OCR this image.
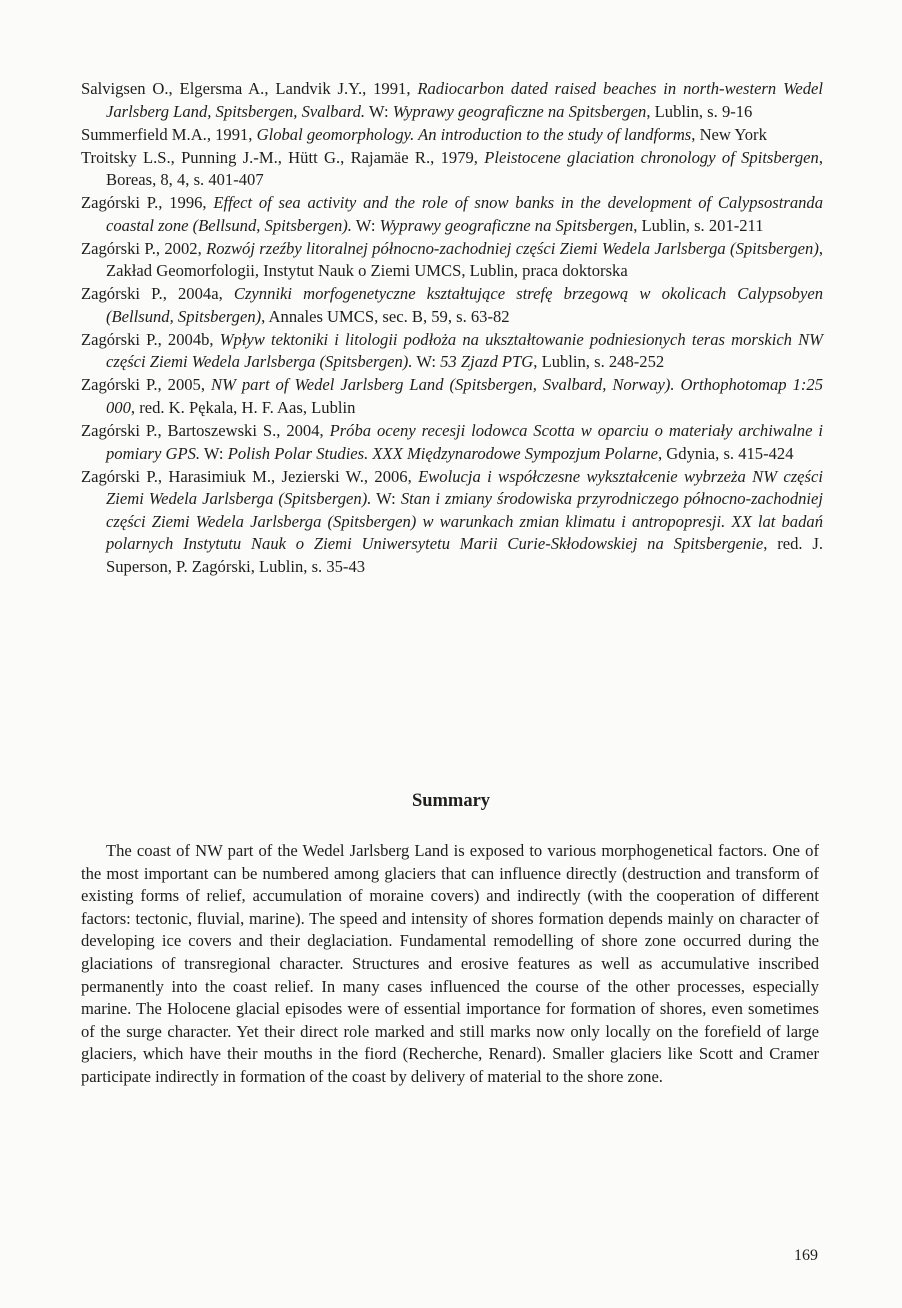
Salvigsen O., Elgersma A., Landvik J.Y., 1991, Radiocarbon dated raised beaches in north-western Wedel Jarlsberg Land, Spitsbergen, Svalbard. W: Wyprawy geograficzne na Spitsbergen, Lublin, s. 9-16

Summerfield M.A., 1991, Global geomorphology. An introduction to the study of landforms, New York

Troitsky L.S., Punning J.-M., Hütt G., Rajamäe R., 1979, Pleistocene glaciation chronology of Spitsbergen, Boreas, 8, 4, s. 401-407

Zagórski P., 1996, Effect of sea activity and the role of snow banks in the development of Calypsostranda coastal zone (Bellsund, Spitsbergen). W: Wyprawy geograficzne na Spitsbergen, Lublin, s. 201-211

Zagórski P., 2002, Rozwój rzeźby litoralnej północno-zachodniej części Ziemi Wedela Jarlsberga (Spitsbergen), Zakład Geomorfologii, Instytut Nauk o Ziemi UMCS, Lublin, praca doktorska

Zagórski P., 2004a, Czynniki morfogenetyczne kształtujące strefę brzegową w okolicach Calypsobyen (Bellsund, Spitsbergen), Annales UMCS, sec. B, 59, s. 63-82

Zagórski P., 2004b, Wpływ tektoniki i litologii podłoża na ukształtowanie podniesionych teras morskich NW części Ziemi Wedela Jarlsberga (Spitsbergen). W: 53 Zjazd PTG, Lublin, s. 248-252

Zagórski P., 2005, NW part of Wedel Jarlsberg Land (Spitsbergen, Svalbard, Norway). Orthophotomap 1:25 000, red. K. Pękala, H. F. Aas, Lublin

Zagórski P., Bartoszewski S., 2004, Próba oceny recesji lodowca Scotta w oparciu o materiały archiwalne i pomiary GPS. W: Polish Polar Studies. XXX Międzynarodowe Sympozjum Polarne, Gdynia, s. 415-424

Zagórski P., Harasimiuk M., Jezierski W., 2006, Ewolucja i współczesne wykształcenie wybrzeża NW części Ziemi Wedela Jarlsberga (Spitsbergen). W: Stan i zmiany środowiska przyrodniczego północno-zachodniej części Ziemi Wedela Jarlsberga (Spitsbergen) w warunkach zmian klimatu i antropopresji. XX lat badań polarnych Instytutu Nauk o Ziemi Uniwersytetu Marii Curie-Skłodowskiej na Spitsbergenie, red. J. Superson, P. Zagórski, Lublin, s. 35-43

Summary

The coast of NW part of the Wedel Jarlsberg Land is exposed to various morphogenetical factors. One of the most important can be numbered among glaciers that can influence directly (destruction and transform of existing forms of relief, accumulation of moraine covers) and indirectly (with the cooperation of different factors: tectonic, fluvial, marine). The speed and intensity of shores formation depends mainly on character of developing ice covers and their deglaciation. Fundamental remodelling of shore zone occurred during the glaciations of transregional character. Structures and erosive features as well as accumulative inscribed permanently into the coast relief. In many cases influenced the course of the other processes, especially marine. The Holocene glacial episodes were of essential importance for formation of shores, even sometimes of the surge character. Yet their direct role marked and still marks now only locally on the forefield of large glaciers, which have their mouths in the fiord (Recherche, Renard). Smaller glaciers like Scott and Cramer participate indirectly in formation of the coast by delivery of material to the shore zone.

169
